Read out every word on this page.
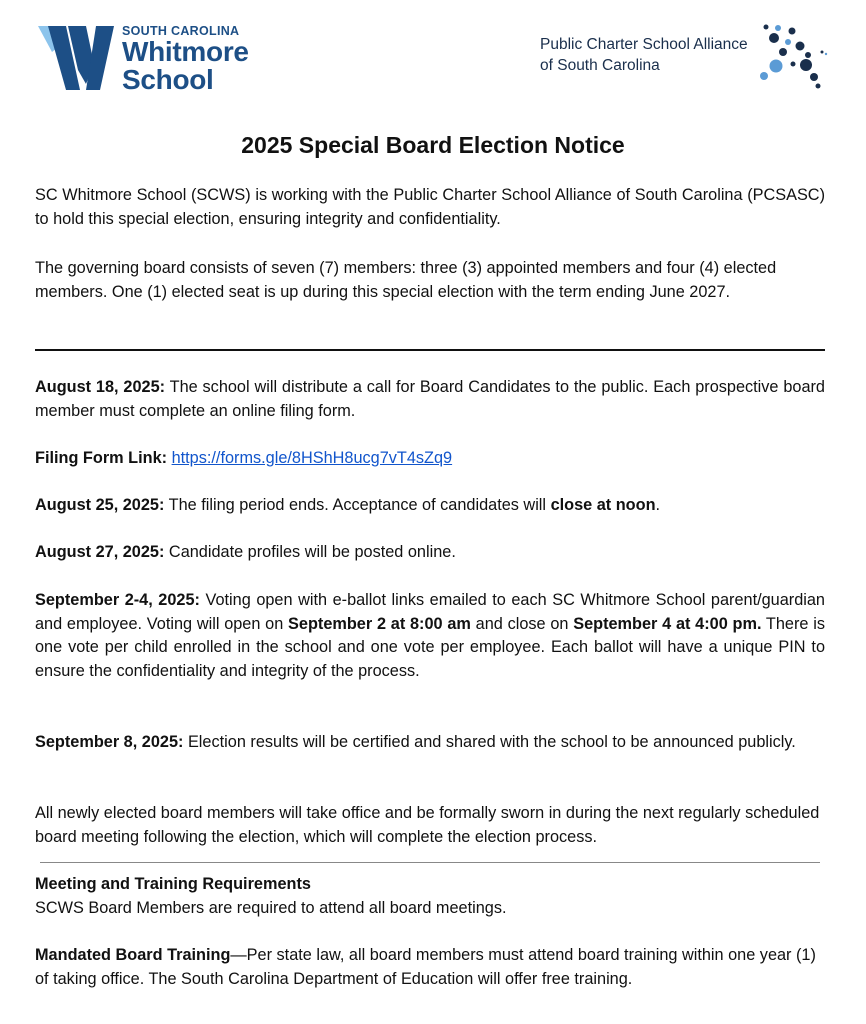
SOUTH CAROLINA
Whitmore
School
Public Charter School Alliance
of South Carolina
2025 Special Board Election Notice
SC Whitmore School (SCWS) is working with the Public Charter School Alliance of South Carolina (PCSASC) to hold this special election, ensuring integrity and confidentiality.
The governing board consists of seven (7) members: three (3) appointed members and four (4) elected members. One (1) elected seat is up during this special election with the term ending June 2027.
August 18, 2025: The school will distribute a call for Board Candidates to the public. Each prospective board member must complete an online filing form.
Filing Form Link: https://forms.gle/8HShH8ucg7vT4sZq9
August 25, 2025: The filing period ends. Acceptance of candidates will close at noon.
August 27, 2025: Candidate profiles will be posted online.
September 2-4, 2025: Voting open with e-ballot links emailed to each SC Whitmore School parent/guardian and employee. Voting will open on September 2 at 8:00 am and close on September 4 at 4:00 pm. There is one vote per child enrolled in the school and one vote per employee. Each ballot will have a unique PIN to ensure the confidentiality and integrity of the process.
September 8, 2025: Election results will be certified and shared with the school to be announced publicly.
All newly elected board members will take office and be formally sworn in during the next regularly scheduled board meeting following the election, which will complete the election process.
Meeting and Training Requirements
SCWS Board Members are required to attend all board meetings.
Mandated Board Training—Per state law, all board members must attend board training within one year (1) of taking office. The South Carolina Department of Education will offer free training.
